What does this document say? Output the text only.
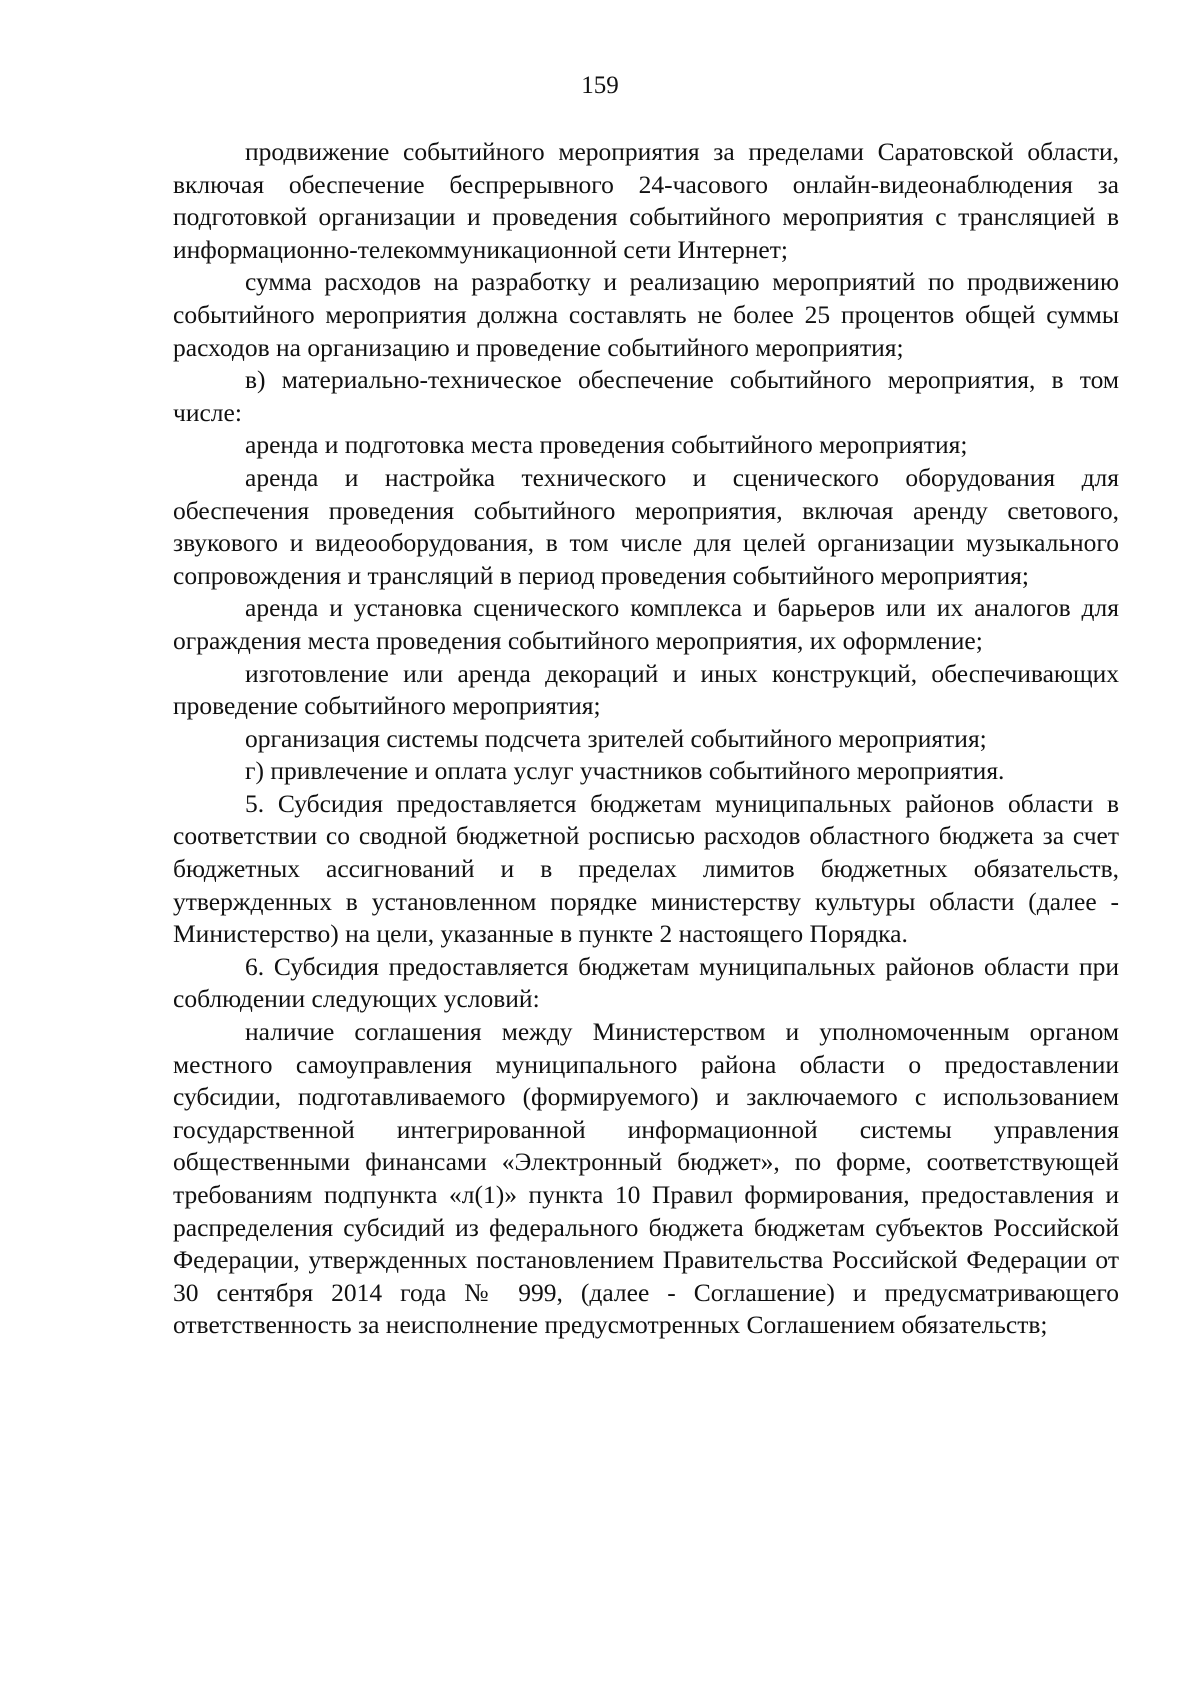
159

продвижение событийного мероприятия за пределами Саратовской области, включая обеспечение беспрерывного 24-часового онлайн-видеонаблюдения за подготовкой организации и проведения событийного мероприятия с трансляцией в информационно-телекоммуникационной сети Интернет;

сумма расходов на разработку и реализацию мероприятий по продвижению событийного мероприятия должна составлять не более 25 процентов общей суммы расходов на организацию и проведение событийного мероприятия;

в) материально-техническое обеспечение событийного мероприятия, в том числе:

аренда и подготовка места проведения событийного мероприятия;

аренда и настройка технического и сценического оборудования для обеспечения проведения событийного мероприятия, включая аренду светового, звукового и видеооборудования, в том числе для целей организации музыкального сопровождения и трансляций в период проведения событийного мероприятия;

аренда и установка сценического комплекса и барьеров или их аналогов для ограждения места проведения событийного мероприятия, их оформление;

изготовление или аренда декораций и иных конструкций, обеспечивающих проведение событийного мероприятия;

организация системы подсчета зрителей событийного мероприятия;

г) привлечение и оплата услуг участников событийного мероприятия.

5. Субсидия предоставляется бюджетам муниципальных районов области в соответствии со сводной бюджетной росписью расходов областного бюджета за счет бюджетных ассигнований и в пределах лимитов бюджетных обязательств, утвержденных в установленном порядке министерству культуры области (далее - Министерство) на цели, указанные в пункте 2 настоящего Порядка.

6. Субсидия предоставляется бюджетам муниципальных районов области при соблюдении следующих условий:

наличие соглашения между Министерством и уполномоченным органом местного самоуправления муниципального района области о предоставлении субсидии, подготавливаемого (формируемого) и заключаемого с использованием государственной интегрированной информационной системы управления общественными финансами «Электронный бюджет», по форме, соответствующей требованиям подпункта «л(1)» пункта 10 Правил формирования, предоставления и распределения субсидий из федерального бюджета бюджетам субъектов Российской Федерации, утвержденных постановлением Правительства Российской Федерации от 30 сентября 2014 года № 999, (далее - Соглашение) и предусматривающего ответственность за неисполнение предусмотренных Соглашением обязательств;
